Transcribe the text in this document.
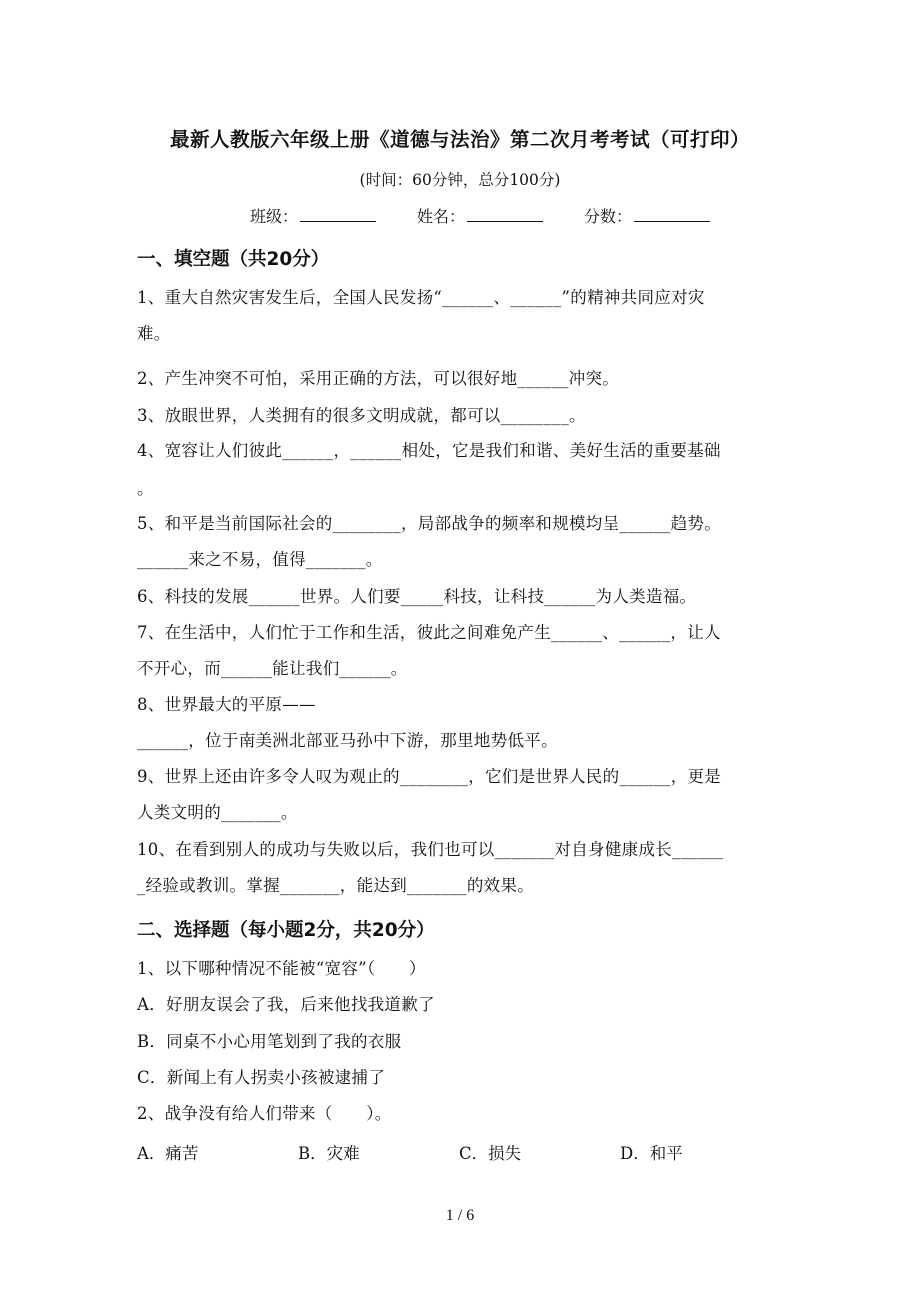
最新人教版六年级上册《道德与法治》第二次月考考试（可打印）
(时间：60分钟，总分100分)
班级：	姓名：	分数：
一、填空题（共20分）
1、重大自然灾害发生后，全国人民发扬“______、______”的精神共同应对灾
难。
2、产生冲突不可怕，采用正确的方法，可以很好地______冲突。
3、放眼世界，人类拥有的很多文明成就，都可以________。
4、宽容让人们彼此______，______相处，它是我们和谐、美好生活的重要基础
。
5、和平是当前国际社会的________，局部战争的频率和规模均呈______趋势。
______来之不易，值得_______。
6、科技的发展______世界。人们要_____科技，让科技______为人类造福。
7、在生活中，人们忙于工作和生活，彼此之间难免产生______、______，让人
不开心，而______能让我们______。
8、世界最大的平原——
______，位于南美洲北部亚马孙中下游，那里地势低平。
9、世界上还由许多令人叹为观止的________，它们是世界人民的______，更是
人类文明的_______。
10、在看到别人的成功与失败以后，我们也可以_______对自身健康成长______
_经验或教训。掌握_______，能达到_______的效果。
二、选择题（每小题2分，共20分）
1、以下哪种情况不能被“宽容”（　　）
A．好朋友误会了我，后来他找我道歉了
B．同桌不小心用笔划到了我的衣服
C．新闻上有人拐卖小孩被逮捕了
2、战争没有给人们带来（　　）。
A．痛苦	B．灾难	C．损失	D．和平
1 / 6
